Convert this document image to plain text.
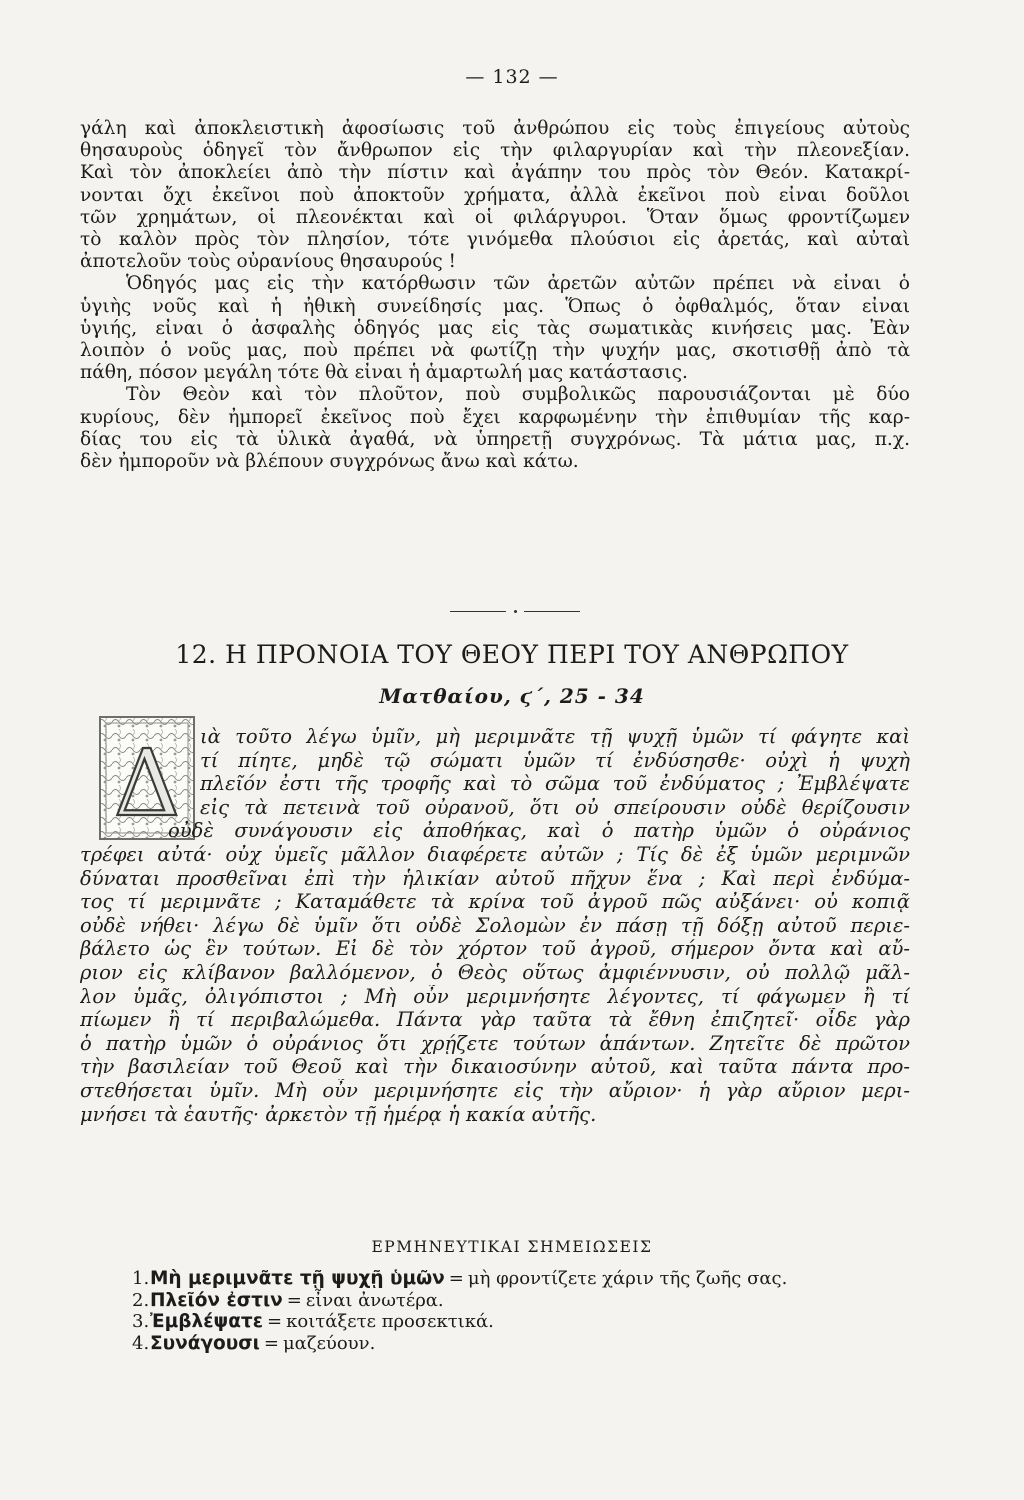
— 132 —
γάλη καὶ ἀποκλειστικὴ ἀφοσίωσις τοῦ ἀνθρώπου εἰς τοὺς ἐπιγείους αὐτοὺς
θησαυροὺς ὁδηγεῖ τὸν ἄνθρωπον εἰς τὴν φιλαργυρίαν καὶ τὴν πλεονεξίαν.
Καὶ τὸν ἀποκλείει ἀπὸ τὴν πίστιν καὶ ἀγάπην του πρὸς τὸν Θεόν. Κατακρί-
νονται ὄχι ἐκεῖνοι ποὺ ἀποκτοῦν χρήματα, ἀλλὰ ἐκεῖνοι ποὺ εἶναι δοῦλοι
τῶν χρημάτων, οἱ πλεονέκται καὶ οἱ φιλάργυροι. Ὅταν ὅμως φροντίζωμεν
τὸ καλὸν πρὸς τὸν πλησίον, τότε γινόμεθα πλούσιοι εἰς ἀρετάς, καὶ αὐταὶ
ἀποτελοῦν τοὺς οὐρανίους θησαυρούς !
Ὁδηγός μας εἰς τὴν κατόρθωσιν τῶν ἀρετῶν αὐτῶν πρέπει νὰ εἶναι ὁ
ὑγιὴς νοῦς καὶ ἡ ἠθικὴ συνείδησίς μας. Ὅπως ὁ ὀφθαλμός, ὅταν εἶναι
ὑγιής, εἶναι ὁ ἀσφαλὴς ὁδηγός μας εἰς τὰς σωματικὰς κινήσεις μας. Ἐὰν
λοιπὸν ὁ νοῦς μας, ποὺ πρέπει νὰ φωτίζῃ τὴν ψυχήν μας, σκοτισθῇ ἀπὸ τὰ
πάθη, πόσον μεγάλη τότε θὰ εἶναι ἡ ἁμαρτωλή μας κατάστασις.
Τὸν Θεὸν καὶ τὸν πλοῦτον, ποὺ συμβολικῶς παρουσιάζονται μὲ δύο
κυρίους, δὲν ἠμπορεῖ ἐκεῖνος ποὺ ἔχει καρφωμένην τὴν ἐπιθυμίαν τῆς καρ-
δίας του εἰς τὰ ὑλικὰ ἀγαθά, νὰ ὑπηρετῇ συγχρόνως. Τὰ μάτια μας, π.χ.
δὲν ἠμποροῦν νὰ βλέπουν συγχρόνως ἄνω καὶ κάτω.
12. Η ΠΡΟΝΟΙΑ ΤΟΥ ΘΕΟΥ ΠΕΡΙ ΤΟΥ ΑΝΘΡΩΠΟΥ
Ματθαίου, ϛ΄, 25 - 34
Δ ιὰ τοῦτο λέγω ὑμῖν, μὴ μεριμνᾶτε τῇ ψυχῇ ὑμῶν τί φάγητε καὶ
τί πίητε, μηδὲ τῷ σώματι ὑμῶν τί ἐνδύσησθε· οὐχὶ ἡ ψυχὴ
πλεῖόν ἐστι τῆς τροφῆς καὶ τὸ σῶμα τοῦ ἐνδύματος ; Ἐμβλέψατε
εἰς τὰ πετεινὰ τοῦ οὐρανοῦ, ὅτι οὐ σπείρουσιν οὐδὲ θερίζουσιν
οὐδὲ συνάγουσιν εἰς ἀποθήκας, καὶ ὁ πατὴρ ὑμῶν ὁ οὐράνιος
τρέφει αὐτά· οὐχ ὑμεῖς μᾶλλον διαφέρετε αὐτῶν ; Τίς δὲ ἐξ ὑμῶν μεριμνῶν
δύναται προσθεῖναι ἐπὶ τὴν ἡλικίαν αὐτοῦ πῆχυν ἕνα ; Καὶ περὶ ἐνδύμα-
τος τί μεριμνᾶτε ; Καταμάθετε τὰ κρίνα τοῦ ἀγροῦ πῶς αὐξάνει· οὐ κοπιᾷ
οὐδὲ νήθει· λέγω δὲ ὑμῖν ὅτι οὐδὲ Σολομὼν ἐν πάσῃ τῇ δόξῃ αὐτοῦ περιε-
βάλετο ὡς ἓν τούτων. Εἰ δὲ τὸν χόρτον τοῦ ἀγροῦ, σήμερον ὄντα καὶ αὔ-
ριον εἰς κλίβανον βαλλόμενον, ὁ Θεὸς οὕτως ἀμφιέννυσιν, οὐ πολλῷ μᾶλ-
λον ὑμᾶς, ὀλιγόπιστοι ; Μὴ οὖν μεριμνήσητε λέγοντες, τί φάγωμεν ἢ τί
πίωμεν ἢ τί περιβαλώμεθα. Πάντα γὰρ ταῦτα τὰ ἔθνη ἐπιζητεῖ· οἶδε γὰρ
ὁ πατὴρ ὑμῶν ὁ οὐράνιος ὅτι χρῄζετε τούτων ἁπάντων. Ζητεῖτε δὲ πρῶτον
τὴν βασιλείαν τοῦ Θεοῦ καὶ τὴν δικαιοσύνην αὐτοῦ, καὶ ταῦτα πάντα προ-
στεθήσεται ὑμῖν. Μὴ οὖν μεριμνήσητε εἰς τὴν αὔριον· ἡ γὰρ αὔριον μερι-
μνήσει τὰ ἑαυτῆς· ἀρκετὸν τῇ ἡμέρᾳ ἡ κακία αὐτῆς.
ΕΡΜΗΝΕΥΤΙΚΑΙ ΣΗΜΕΙΩΣΕΙΣ
1.Μὴ μεριμνᾶτε τῇ ψυχῇ ὑμῶν = μὴ φροντίζετε χάριν τῆς ζωῆς σας.
2.Πλεῖόν ἐστιν = εἶναι ἀνωτέρα.
3.Ἐμβλέψατε = κοιτάξετε προσεκτικά.
4.Συνάγουσι = μαζεύουν.
